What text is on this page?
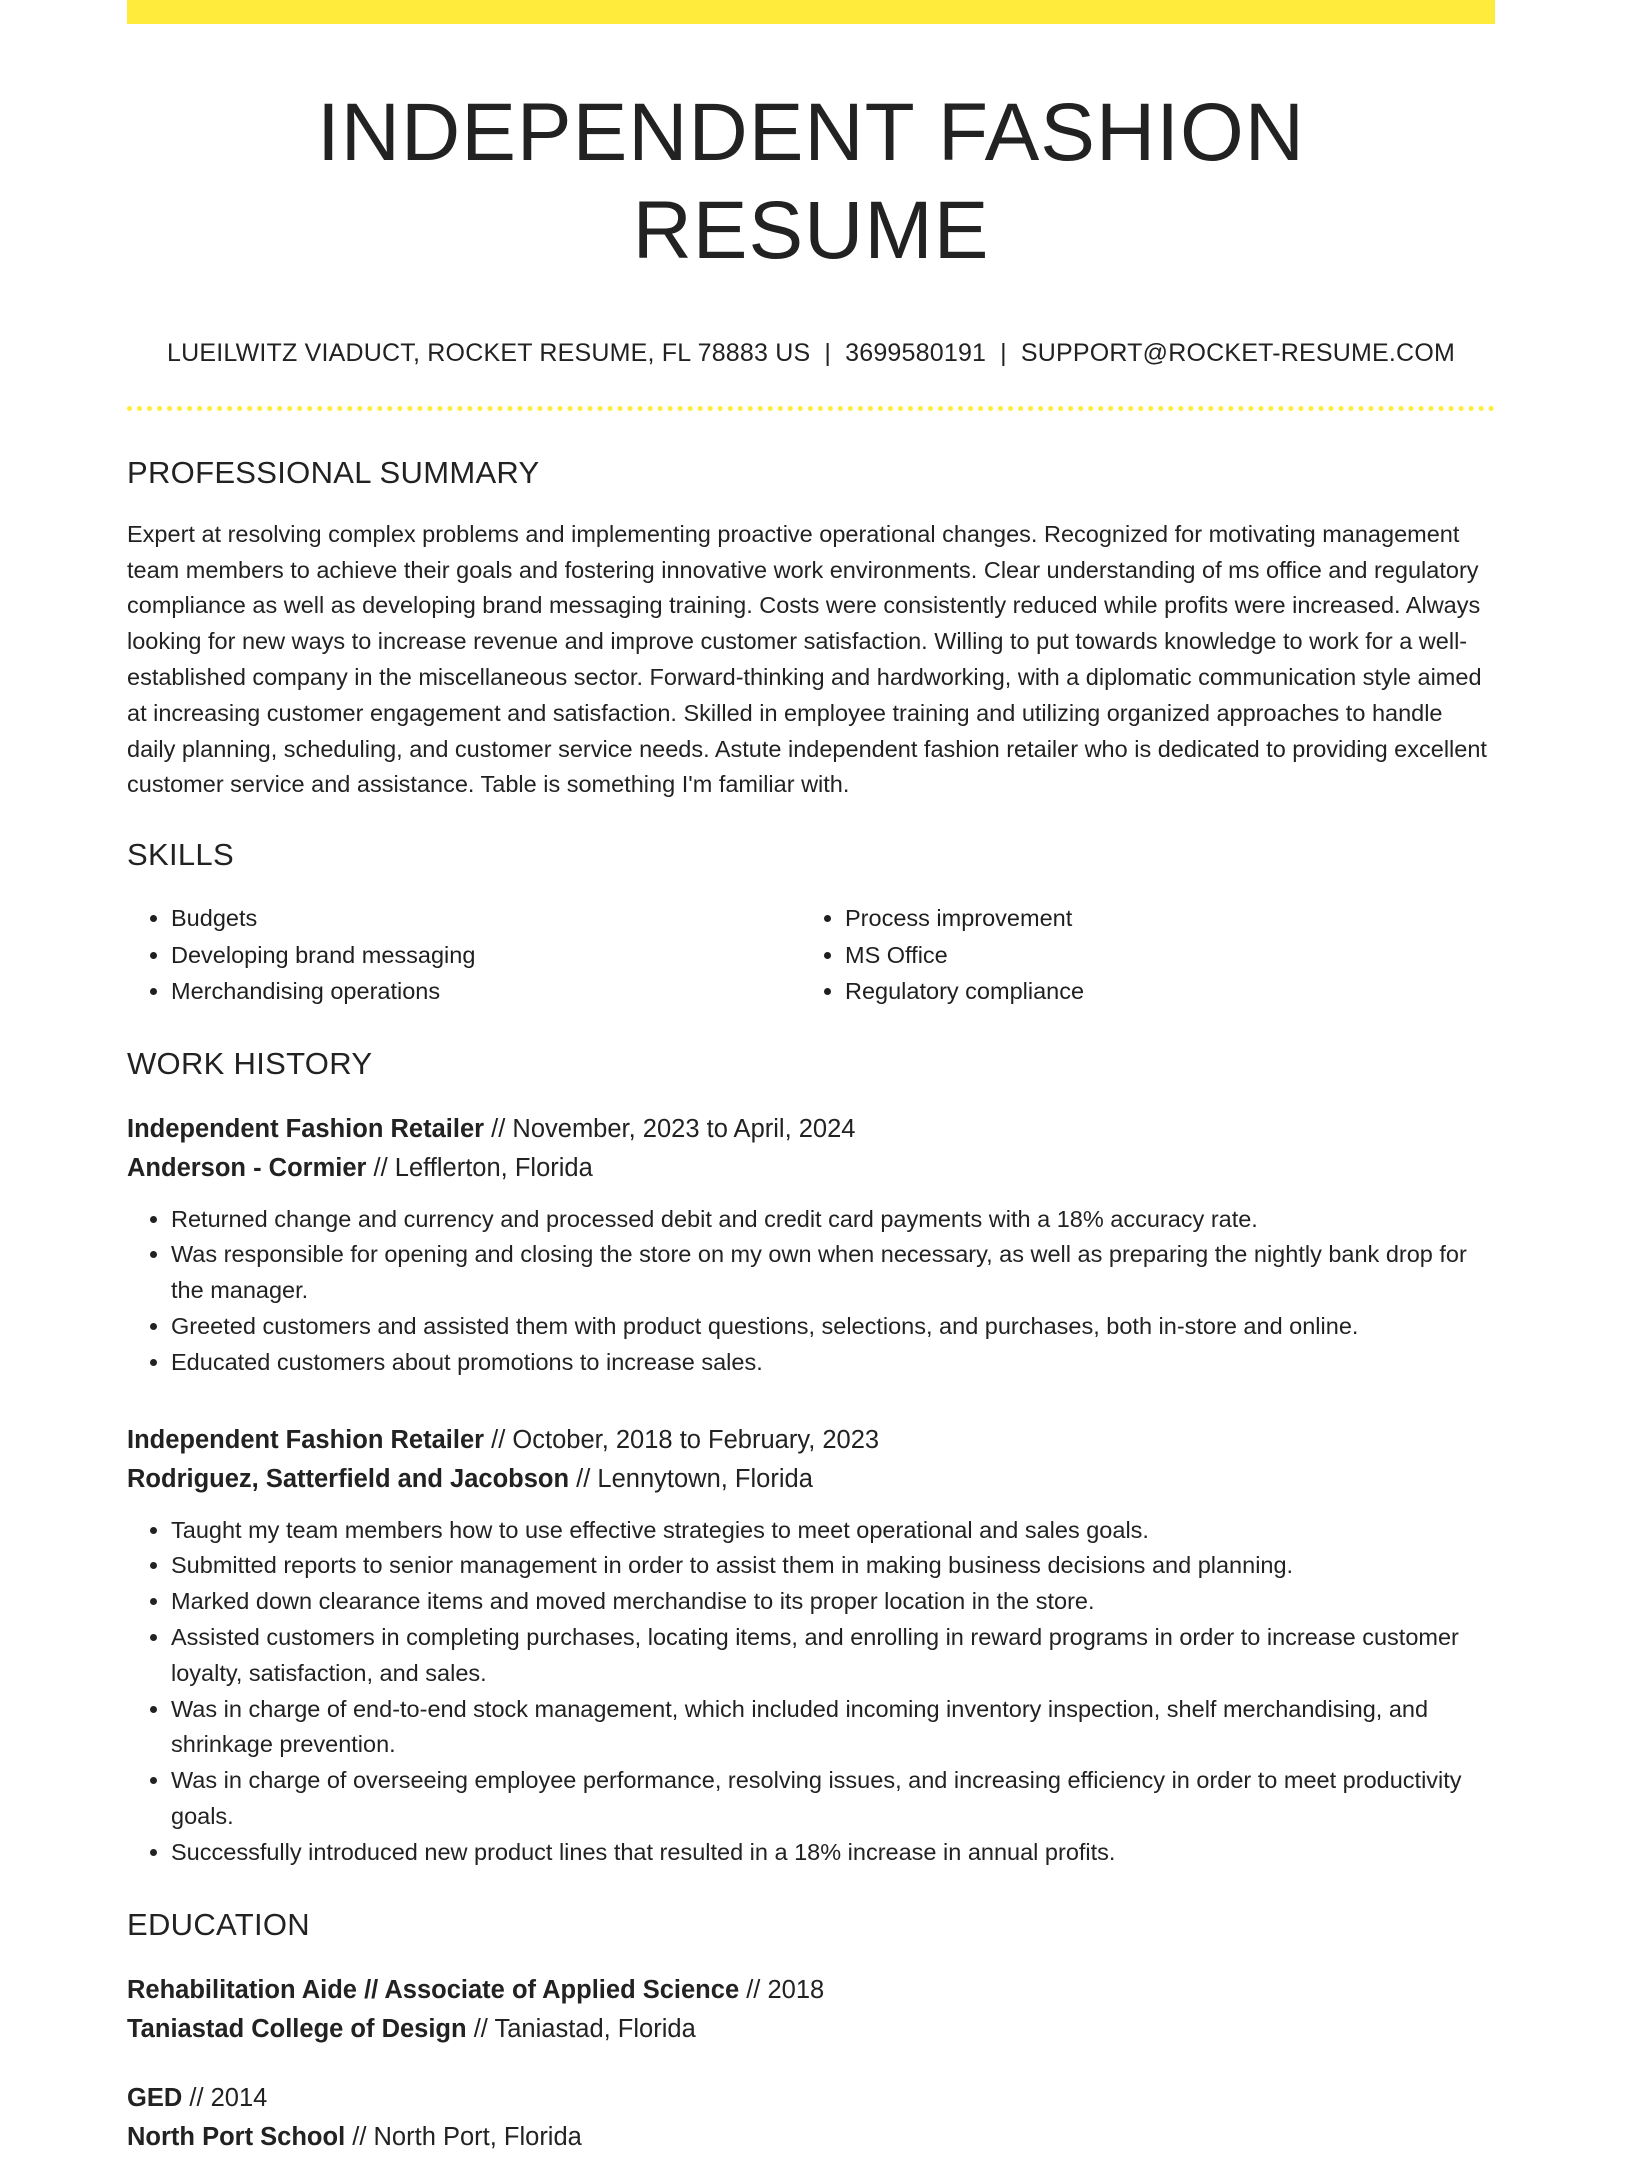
INDEPENDENT FASHION RESUME
LUEILWITZ VIADUCT, ROCKET RESUME, FL 78883 US | 3699580191 | SUPPORT@ROCKET-RESUME.COM
PROFESSIONAL SUMMARY

Expert at resolving complex problems and implementing proactive operational changes. Recognized for motivating management team members to achieve their goals and fostering innovative work environments. Clear understanding of ms office and regulatory compliance as well as developing brand messaging training. Costs were consistently reduced while profits were increased. Always looking for new ways to increase revenue and improve customer satisfaction. Willing to put towards knowledge to work for a well-established company in the miscellaneous sector. Forward-thinking and hardworking, with a diplomatic communication style aimed at increasing customer engagement and satisfaction. Skilled in employee training and utilizing organized approaches to handle daily planning, scheduling, and customer service needs. Astute independent fashion retailer who is dedicated to providing excellent customer service and assistance. Table is something I'm familiar with.

SKILLS
• Budgets
• Developing brand messaging
• Merchandising operations
• Process improvement
• MS Office
• Regulatory compliance
WORK HISTORY
Independent Fashion Retailer // November, 2023 to April, 2024
Anderson - Cormier // Lefflerton, Florida
• Returned change and currency and processed debit and credit card payments with a 18% accuracy rate.
• Was responsible for opening and closing the store on my own when necessary, as well as preparing the nightly bank drop for the manager.
• Greeted customers and assisted them with product questions, selections, and purchases, both in-store and online.
• Educated customers about promotions to increase sales.
Independent Fashion Retailer // October, 2018 to February, 2023
Rodriguez, Satterfield and Jacobson // Lennytown, Florida
• Taught my team members how to use effective strategies to meet operational and sales goals.
• Submitted reports to senior management in order to assist them in making business decisions and planning.
• Marked down clearance items and moved merchandise to its proper location in the store.
• Assisted customers in completing purchases, locating items, and enrolling in reward programs in order to increase customer loyalty, satisfaction, and sales.
• Was in charge of end-to-end stock management, which included incoming inventory inspection, shelf merchandising, and shrinkage prevention.
• Was in charge of overseeing employee performance, resolving issues, and increasing efficiency in order to meet productivity goals.
• Successfully introduced new product lines that resulted in a 18% increase in annual profits.
EDUCATION
Rehabilitation Aide // Associate of Applied Science // 2018
Taniastad College of Design // Taniastad, Florida
GED // 2014
North Port School // North Port, Florida
